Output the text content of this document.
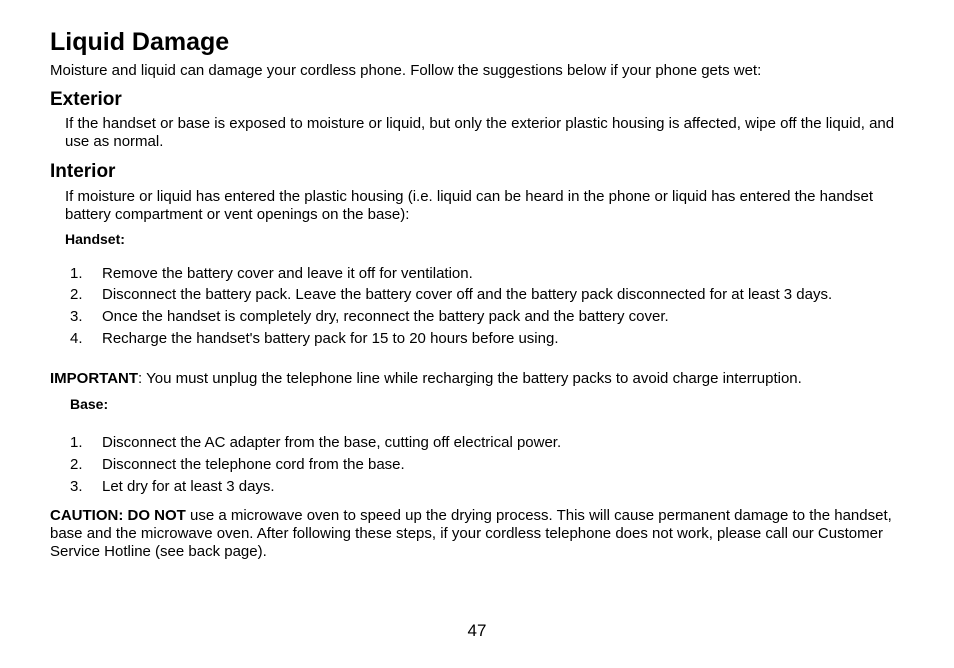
Liquid Damage

Moisture and liquid can damage your cordless phone. Follow the suggestions below if your phone gets wet:

Exterior

If the handset or base is exposed to moisture or liquid, but only the exterior plastic housing is affected, wipe off the liquid, and use as normal.

Interior

If moisture or liquid has entered the plastic housing (i.e. liquid can be heard in the phone or liquid has entered the handset battery compartment or vent openings on the base):

Handset:

1. Remove the battery cover and leave it off for ventilation.
2. Disconnect the battery pack. Leave the battery cover off and the battery pack disconnected for at least 3 days.
3. Once the handset is completely dry, reconnect the battery pack and the battery cover.
4. Recharge the handset's battery pack for 15 to 20 hours before using.

IMPORTANT: You must unplug the telephone line while recharging the battery packs to avoid charge interruption.

Base:

1. Disconnect the AC adapter from the base, cutting off electrical power.
2. Disconnect the telephone cord from the base.
3. Let dry for at least 3 days.

CAUTION: DO NOT use a microwave oven to speed up the drying process. This will cause permanent damage to the handset, base and the microwave oven. After following these steps, if your cordless telephone does not work, please call our Customer Service Hotline (see back page).

47
